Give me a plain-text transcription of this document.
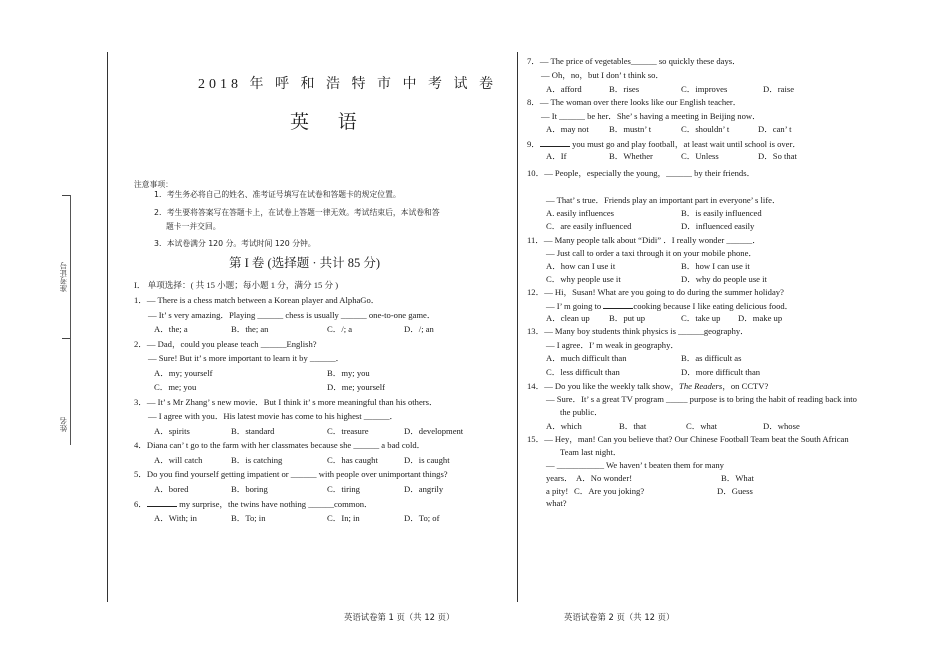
准考证号
姓名
2018 年 呼 和 浩 特 市 中 考 试 卷
英 语
注意事项：
1．考生务必将自己的姓名、准考证号填写在试卷和答题卡的规定位置。
2．考生要将答案写在答题卡上，在试卷上答题一律无效。考试结束后，本试卷和答
题卡一并交回。
3．本试卷满分 120 分。考试时间 120 分钟。
第 I 卷 (选择题 · 共计 85 分)
I． 单项选择：( 共 15 小题；每小题 1 分，满分 15 分 )
1．— There is a chess match between a Korean player and AlphaGo．
— It’ s very amazing．Playing ______ chess is usually ______ one-to-one game．
A．the; a	B．the; an	C．/; a	D．/; an
2．— Dad，could you please teach ______English?
— Sure! But it’ s more important to learn it by ______．
A．my; yourself	B．my; you
C．me; you	D．me; yourself
3．— It’ s Mr Zhang’ s new movie．But I think it’ s more meaningful than his others．
— I agree with you．His latest movie has come to his highest ______．
A．spirits	B．standard	C．treasure	D．development
4．Diana can’ t go to the farm with her classmates because she ______ a bad cold．
A．will catch	B．is catching	C．has caught	D．is caught
5．Do you find yourself getting impatient or ______ with people over unimportant things?
A．bored	B．boring	C．tiring	D．angrily
6．	my surprise，the twins have nothing ______common．
A．With; in	B．To; in	C．In; in	D．To; of
英语试卷第 1 页（共 12 页）
7．— The price of vegetables______ so quickly these days．
— Oh，no，but I don’ t think so．
A．afford	B．rises	C．improves	D．raise
8．— The woman over there looks like our English teacher．
— It ______ be her．She’ s having a meeting in Beijing now．
A．may not B．mustn’ t	C．shouldn’ t	D．can’ t
9．	you must go and play football，at least wait until school is over．
A．If	B．Whether	C．Unless	D．So that
10．— People，especially the young，______ by their friends．
— That’ s true．Friends play an important part in everyone’ s life．
A. easily influences	B．is easily influenced
C．are easily influenced	D．influenced easily
11．— Many people talk about “Didi” ．I really wonder ______．
— Just call to order a taxi through it on your mobile phone．
A．how can I use it	B．how I can use it
C．why people use it	D．why do people use it
12．— Hi，Susan! What are you going to do during the summer holiday?
— I’ m going to	cooking because I like eating delicious food．
A．clean up B．put up	C．take up D．make up
13．— Many boy students think physics is ______geography．
— I agree．I’ m weak in geography．
A．much difficult than	B．as difficult as
C．less difficult than	D．more difficult than
14．— Do you like the weekly talk show，The Readers，on CCTV?
— Sure．It’ s a great TV program _____ purpose is to bring the habit of reading back into
the public．
A．which	B．that	C．what	D．whose
15．— Hey，man! Can you believe that? Our Chinese Football Team beat the South African
Team last night．
— ___________ We haven’ t beaten them for many
years． A．No wonder!	B．What
a pity! C．Are you joking?	D．Guess
what?
英语试卷第 2 页（共 12 页）
